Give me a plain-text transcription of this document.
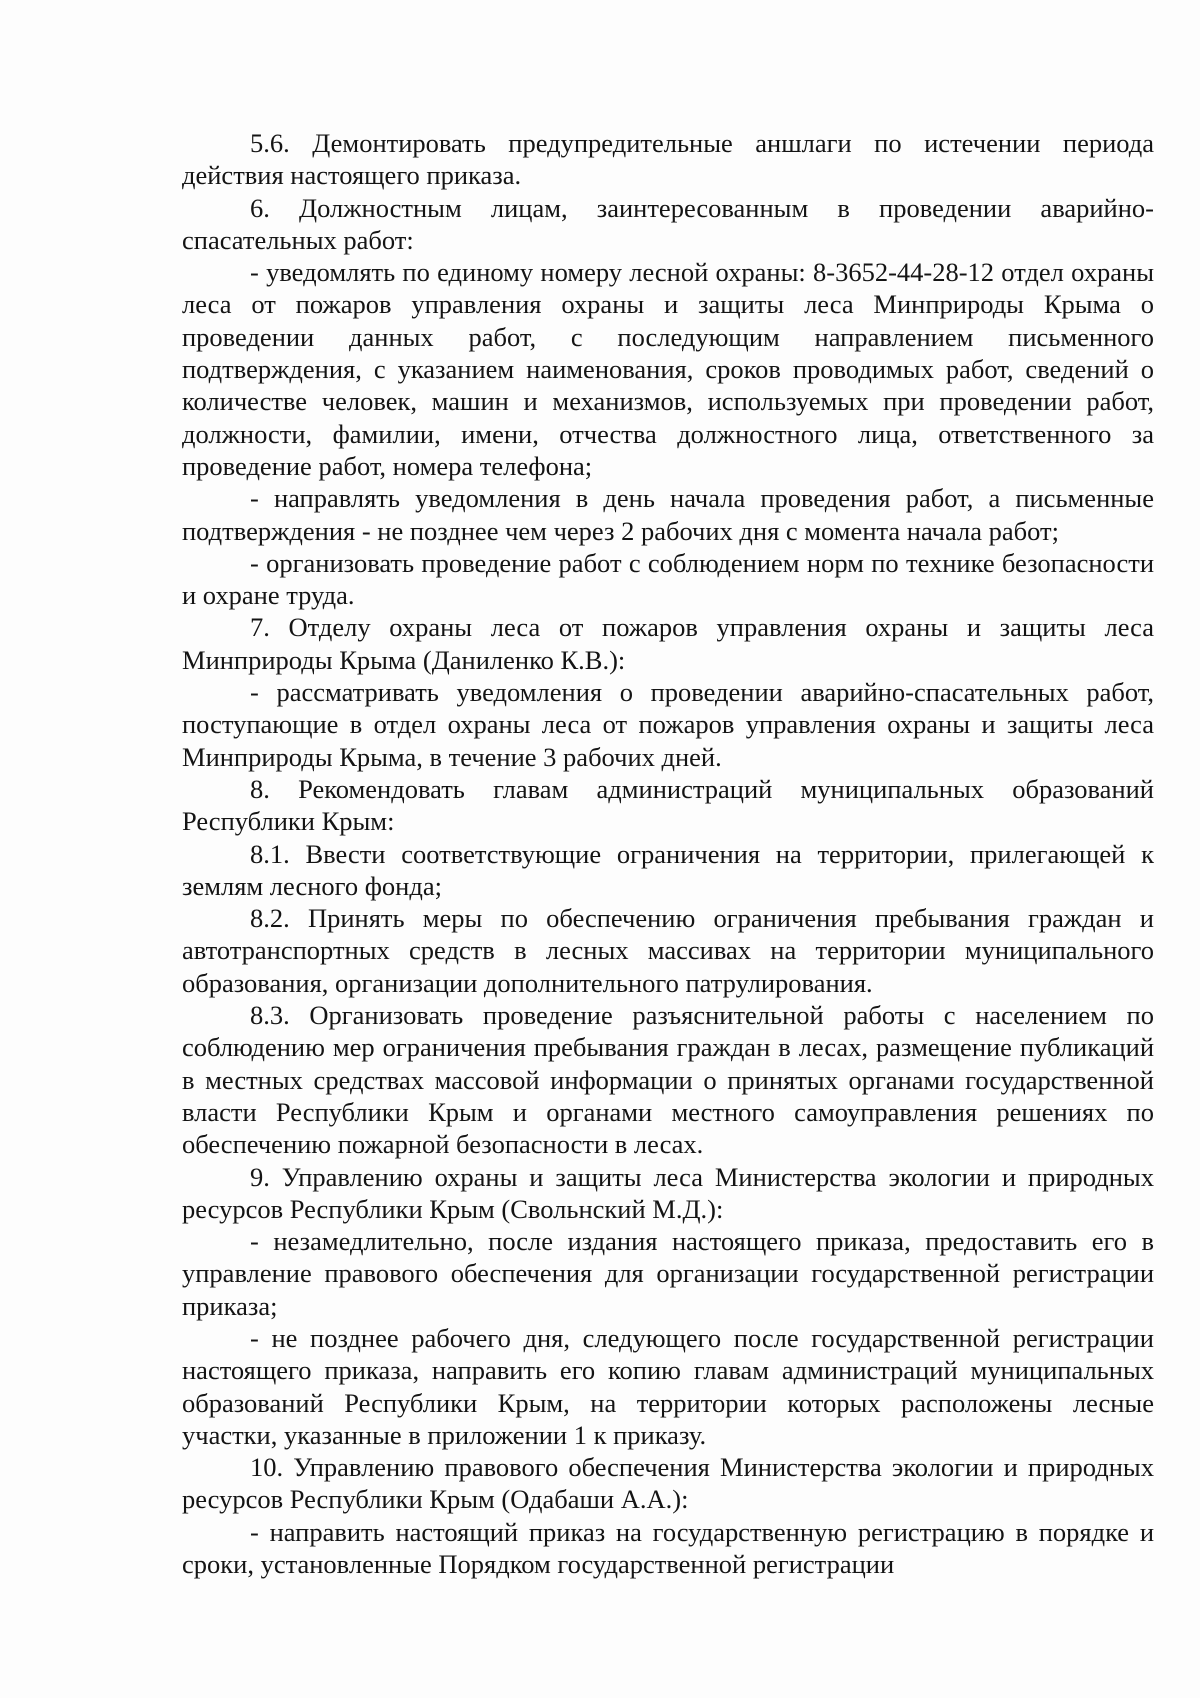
5.6. Демонтировать предупредительные аншлаги по истечении периода действия настоящего приказа.

6. Должностным лицам, заинтересованным в проведении аварийно-спасательных работ:

- уведомлять по единому номеру лесной охраны: 8-3652-44-28-12 отдел охраны леса от пожаров управления охраны и защиты леса Минприроды Крыма о проведении данных работ, с последующим направлением письменного подтверждения, с указанием наименования, сроков проводимых работ, сведений о количестве человек, машин и механизмов, используемых при проведении работ, должности, фамилии, имени, отчества должностного лица, ответственного за проведение работ, номера телефона;

- направлять уведомления в день начала проведения работ, а письменные подтверждения - не позднее чем через 2 рабочих дня с момента начала работ;

- организовать проведение работ с соблюдением норм по технике безопасности и охране труда.

7. Отделу охраны леса от пожаров управления охраны и защиты леса Минприроды Крыма (Даниленко К.В.):

- рассматривать уведомления о проведении аварийно-спасательных работ, поступающие в отдел охраны леса от пожаров управления охраны и защиты леса Минприроды Крыма, в течение 3 рабочих дней.

8. Рекомендовать главам администраций муниципальных образований Республики Крым:

8.1. Ввести соответствующие ограничения на территории, прилегающей к землям лесного фонда;

8.2. Принять меры по обеспечению ограничения пребывания граждан и автотранспортных средств в лесных массивах на территории муниципального образования, организации дополнительного патрулирования.

8.3. Организовать проведение разъяснительной работы с населением по соблюдению мер ограничения пребывания граждан в лесах, размещение публикаций в местных средствах массовой информации о принятых органами государственной власти Республики Крым и органами местного самоуправления решениях по обеспечению пожарной безопасности в лесах.

9. Управлению охраны и защиты леса Министерства экологии и природных ресурсов Республики Крым (Свольнский М.Д.):

- незамедлительно, после издания настоящего приказа, предоставить его в управление правового обеспечения для организации государственной регистрации приказа;

- не позднее рабочего дня, следующего после государственной регистрации настоящего приказа, направить его копию главам администраций муниципальных образований Республики Крым, на территории которых расположены лесные участки, указанные в приложении 1 к приказу.

10. Управлению правового обеспечения Министерства экологии и природных ресурсов Республики Крым (Одабаши А.А.):

- направить настоящий приказ на государственную регистрацию в порядке и сроки, установленные Порядком государственной регистрации
